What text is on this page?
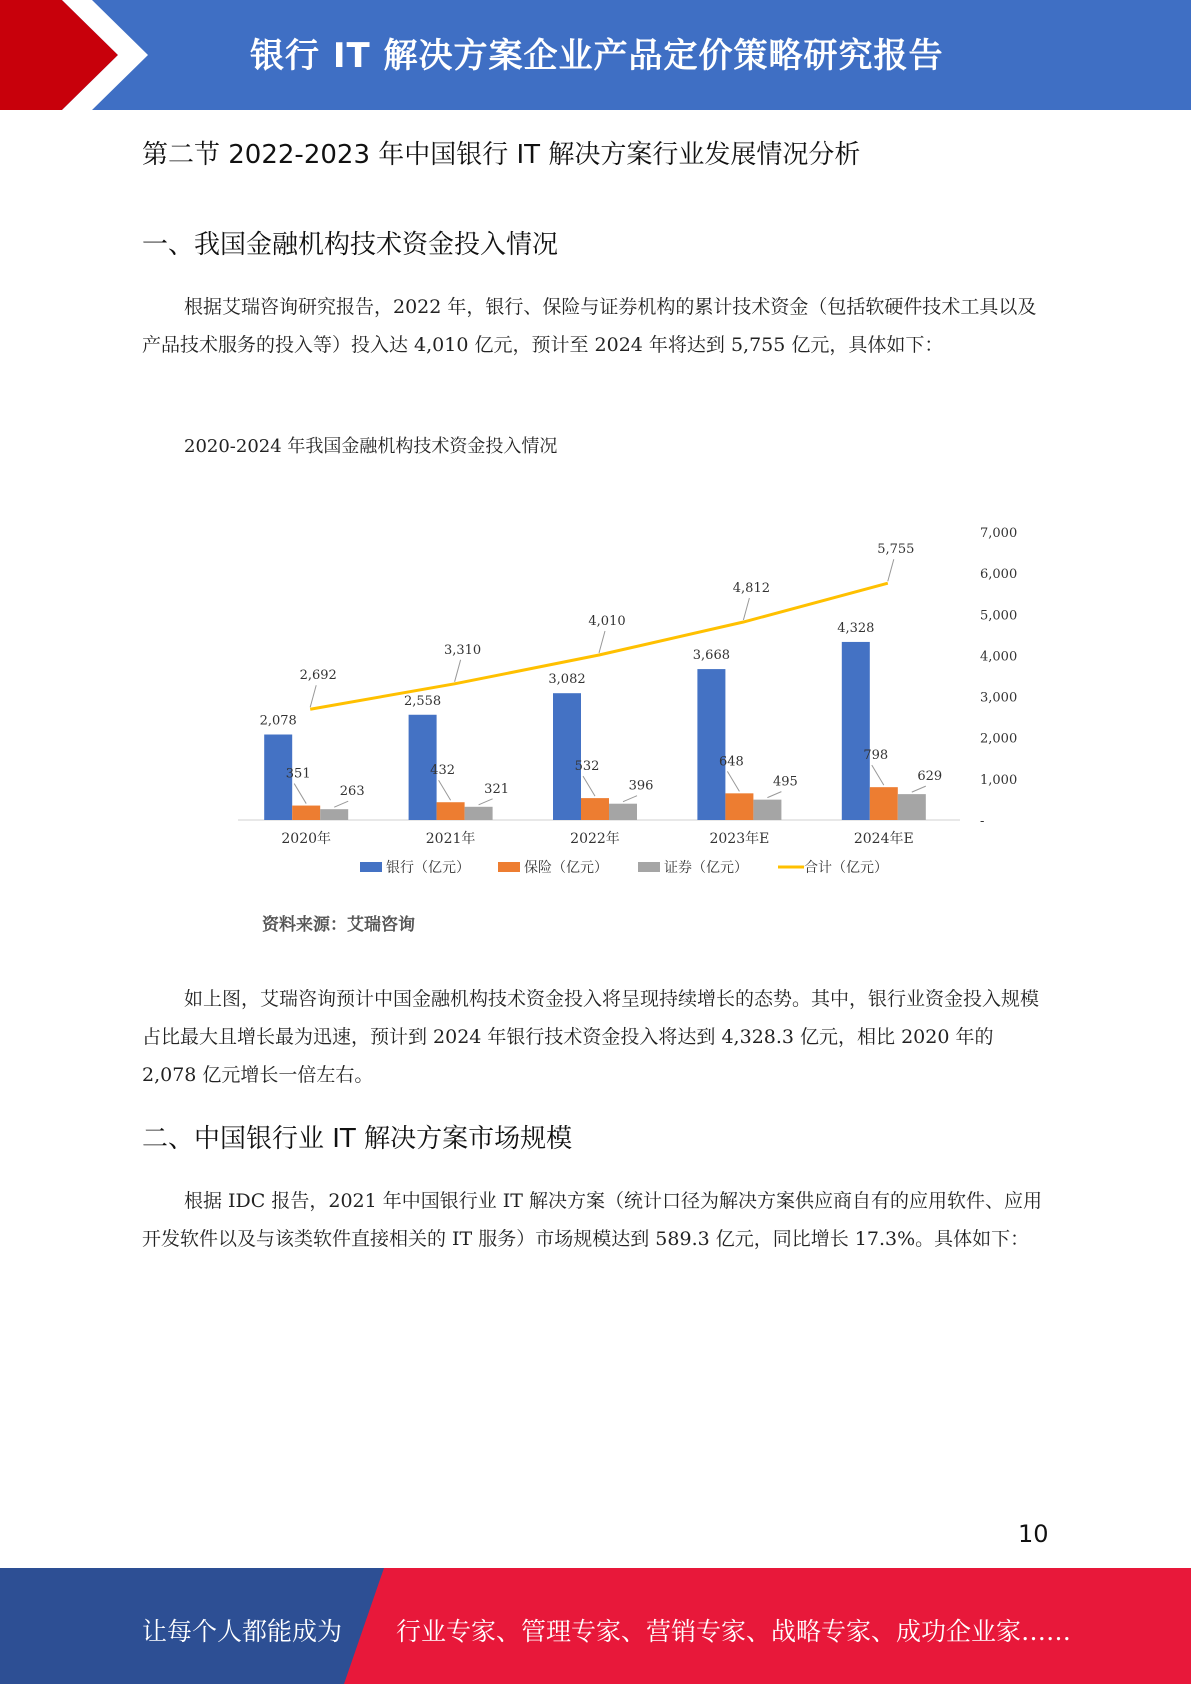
银行 IT 解决方案企业产品定价策略研究报告
第二节 2022-2023 年中国银行 IT 解决方案行业发展情况分析
一、我国金融机构技术资金投入情况

根据艾瑞咨询研究报告，2022 年，银行、保险与证券机构的累计技术资金（包括软硬件技术工具以及产品技术服务的投入等）投入达 4,010 亿元，预计至 2024 年将达到 5,755 亿元，具体如下：

2020-2024 年我国金融机构技术资金投入情况
-
1,000
2,000
3,000
4,000
5,000
6,000
7,000
2,078
351
263
2020年
2,558
432
321
2021年
3,082
532
396
2022年
3,668
648
495
2023年E
4,328
798
629
2024年E
2,692
3,310
4,010
4,812
5,755
银行（亿元）	保险（亿元）	证券（亿元）	合计（亿元）
资料来源：艾瑞咨询

如上图，艾瑞咨询预计中国金融机构技术资金投入将呈现持续增长的态势。其中，银行业资金投入规模占比最大且增长最为迅速，预计到 2024 年银行技术资金投入将达到 4,328.3 亿元，相比 2020 年的 2,078 亿元增长一倍左右。

二、中国银行业 IT 解决方案市场规模

根据 IDC 报告，2021 年中国银行业 IT 解决方案（统计口径为解决方案供应商自有的应用软件、应用开发软件以及与该类软件直接相关的 IT 服务）市场规模达到 589.3 亿元，同比增长 17.3%。具体如下：

10
让每个人都能成为 行业专家、管理专家、营销专家、战略专家、成功企业家……
